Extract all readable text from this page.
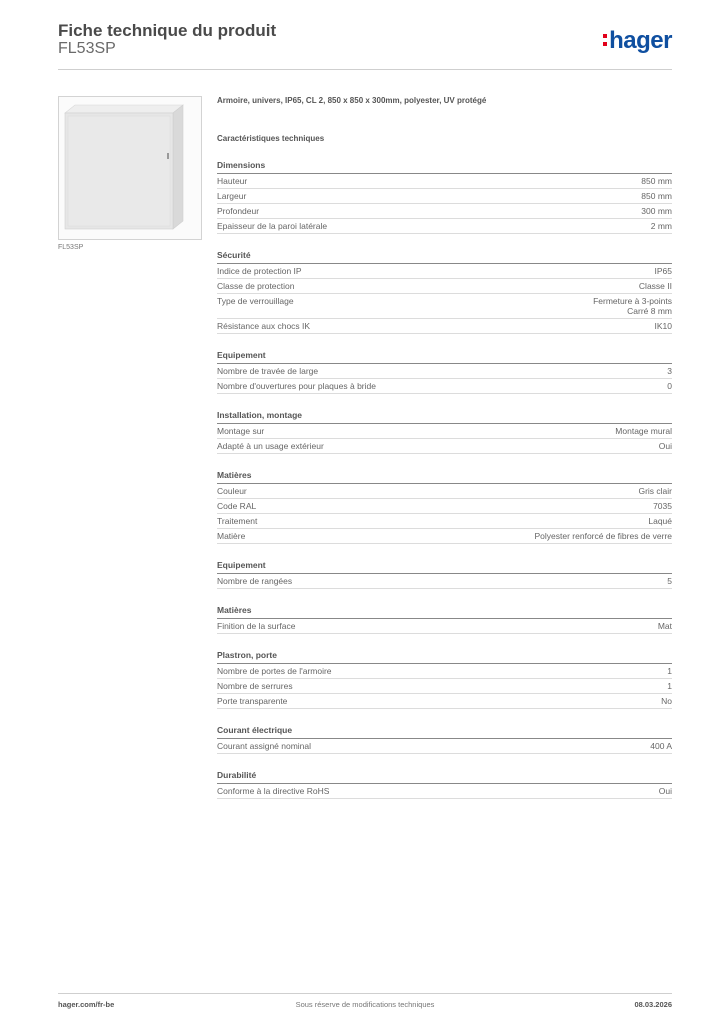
Fiche technique du produit
FL53SP	hager
FL53SP
Armoire, univers, IP65, CL 2, 850 x 850 x 300mm, polyester, UV protégé
Caractéristiques techniques
Dimensions
Hauteur	850 mm
Largeur	850 mm
Profondeur	300 mm
Epaisseur de la paroi latérale	2 mm
Sécurité
Indice de protection IP	IP65
Classe de protection	Classe II
Type de verrouillage	Fermeture à 3-points
Carré 8 mm
Résistance aux chocs IK	IK10
Equipement
Nombre de travée de large	3
Nombre d'ouvertures pour plaques à bride	0
Installation, montage
Montage sur	Montage mural
Adapté à un usage extérieur	Oui
Matières
Couleur	Gris clair
Code RAL	7035
Traitement	Laqué
Matière	Polyester renforcé de fibres de verre
Equipement
Nombre de rangées	5
Matières
Finition de la surface	Mat
Plastron, porte
Nombre de portes de l'armoire	1
Nombre de serrures	1
Porte transparente	No
Courant électrique
Courant assigné nominal	400 A
Durabilité
Conforme à la directive RoHS	Oui
hager.com/fr-be	Sous réserve de modifications techniques	08.03.2026
